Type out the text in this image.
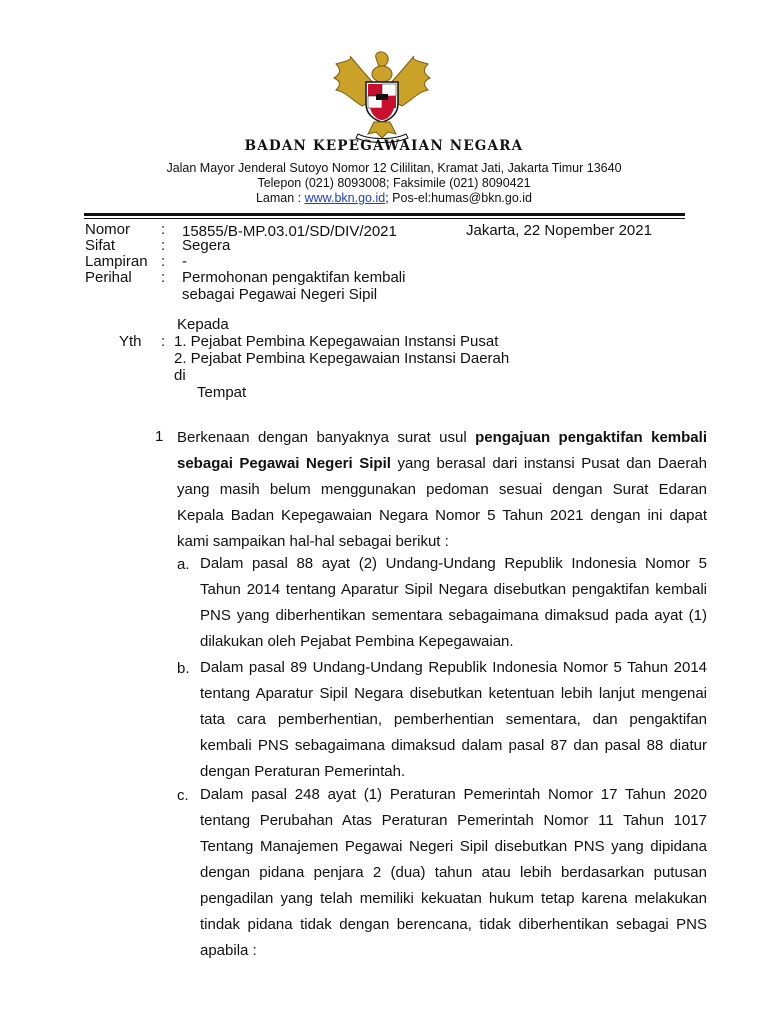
BADAN KEPEGAWAIAN NEGARA
Jalan Mayor Jenderal Sutoyo Nomor 12 Cililitan, Kramat Jati, Jakarta Timur 13640
Telepon (021) 8093008; Faksimile (021) 8090421
Laman : www.bkn.go.id; Pos-el:humas@bkn.go.id
Nomor : 15855/B-MP.03.01/SD/DIV/2021
Sifat	: Segera
Lampiran : -
Perihal : Permohonan pengaktifan kembali
sebagai Pegawai Negeri Sipil
Jakarta, 22 Nopember 2021
Kepada
Yth : 1. Pejabat Pembina Kepegawaian Instansi Pusat
2. Pejabat Pembina Kepegawaian Instansi Daerah
di
Tempat
1 Berkenaan dengan banyaknya surat usul pengajuan pengaktifan kembali sebagai Pegawai Negeri Sipil yang berasal dari instansi Pusat dan Daerah yang masih belum menggunakan pedoman sesuai dengan Surat Edaran Kepala Badan Kepegawaian Negara Nomor 5 Tahun 2021 dengan ini dapat kami sampaikan hal-hal sebagai berikut :
a. Dalam pasal 88 ayat (2) Undang-Undang Republik Indonesia Nomor 5 Tahun 2014 tentang Aparatur Sipil Negara disebutkan pengaktifan kembali PNS yang diberhentikan sementara sebagaimana dimaksud pada ayat (1) dilakukan oleh Pejabat Pembina Kepegawaian.
b. Dalam pasal 89 Undang-Undang Republik Indonesia Nomor 5 Tahun 2014 tentang Aparatur Sipil Negara disebutkan ketentuan lebih lanjut mengenai tata cara pemberhentian, pemberhentian sementara, dan pengaktifan kembali PNS sebagaimana dimaksud dalam pasal 87 dan pasal 88 diatur dengan Peraturan Pemerintah.
c. Dalam pasal 248 ayat (1) Peraturan Pemerintah Nomor 17 Tahun 2020 tentang Perubahan Atas Peraturan Pemerintah Nomor 11 Tahun 1017 Tentang Manajemen Pegawai Negeri Sipil disebutkan PNS yang dipidana dengan pidana penjara 2 (dua) tahun atau lebih berdasarkan putusan pengadilan yang telah memiliki kekuatan hukum tetap karena melakukan tindak pidana tidak dengan berencana, tidak diberhentikan sebagai PNS apabila :
